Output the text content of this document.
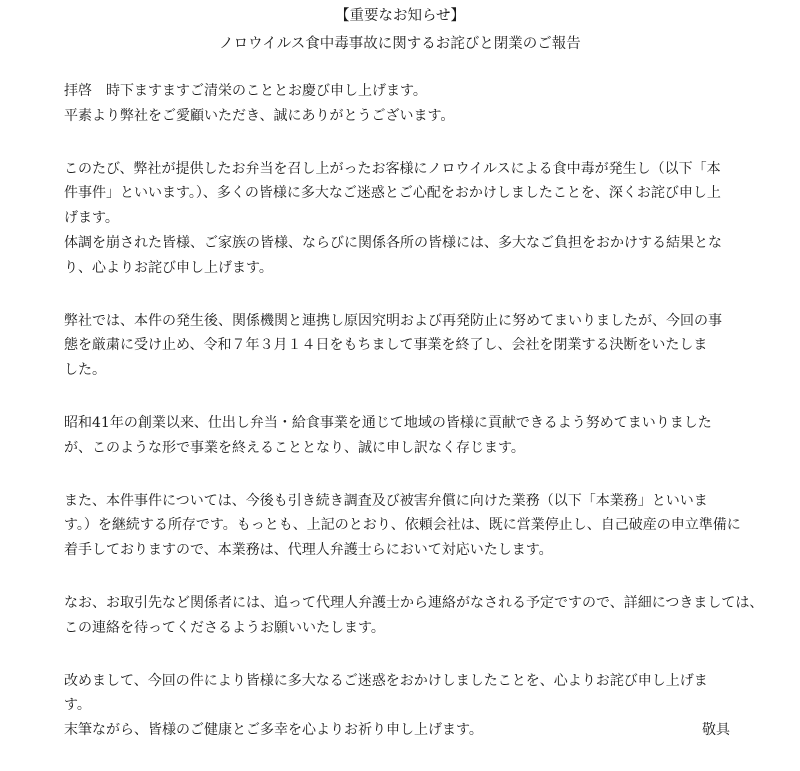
【重要なお知らせ】
ノロウイルス食中毒事故に関するお詫びと閉業のご報告

拝啓　時下ますますご清栄のこととお慶び申し上げます。
平素より弊社をご愛顧いただき、誠にありがとうございます。

このたび、弊社が提供したお弁当を召し上がったお客様にノロウイルスによる食中毒が発生し（以下「本
件事件」といいます。）、多くの皆様に多大なご迷惑とご心配をおかけしましたことを、深くお詫び申し上
げます。
体調を崩された皆様、ご家族の皆様、ならびに関係各所の皆様には、多大なご負担をおかけする結果とな
り、心よりお詫び申し上げます。

弊社では、本件の発生後、関係機関と連携し原因究明および再発防止に努めてまいりましたが、今回の事
態を厳粛に受け止め、令和７年３月１４日をもちまして事業を終了し、会社を閉業する決断をいたしま
した。

昭和41年の創業以来、仕出し弁当・給食事業を通じて地域の皆様に貢献できるよう努めてまいりました
が、このような形で事業を終えることとなり、誠に申し訳なく存じます。

また、本件事件については、今後も引き続き調査及び被害弁償に向けた業務（以下「本業務」といいま
す。）を継続する所存です。もっとも、上記のとおり、依頼会社は、既に営業停止し、自己破産の申立準備に
着手しておりますので、本業務は、代理人弁護士らにおいて対応いたします。

なお、お取引先など関係者には、追って代理人弁護士から連絡がなされる予定ですので、詳細につきましては、
この連絡を待ってくださるようお願いいたします。

改めまして、今回の件により皆様に多大なるご迷惑をおかけしましたことを、心よりお詫び申し上げま
す。
末筆ながら、皆様のご健康とご多幸を心よりお祈り申し上げます。	敬具
